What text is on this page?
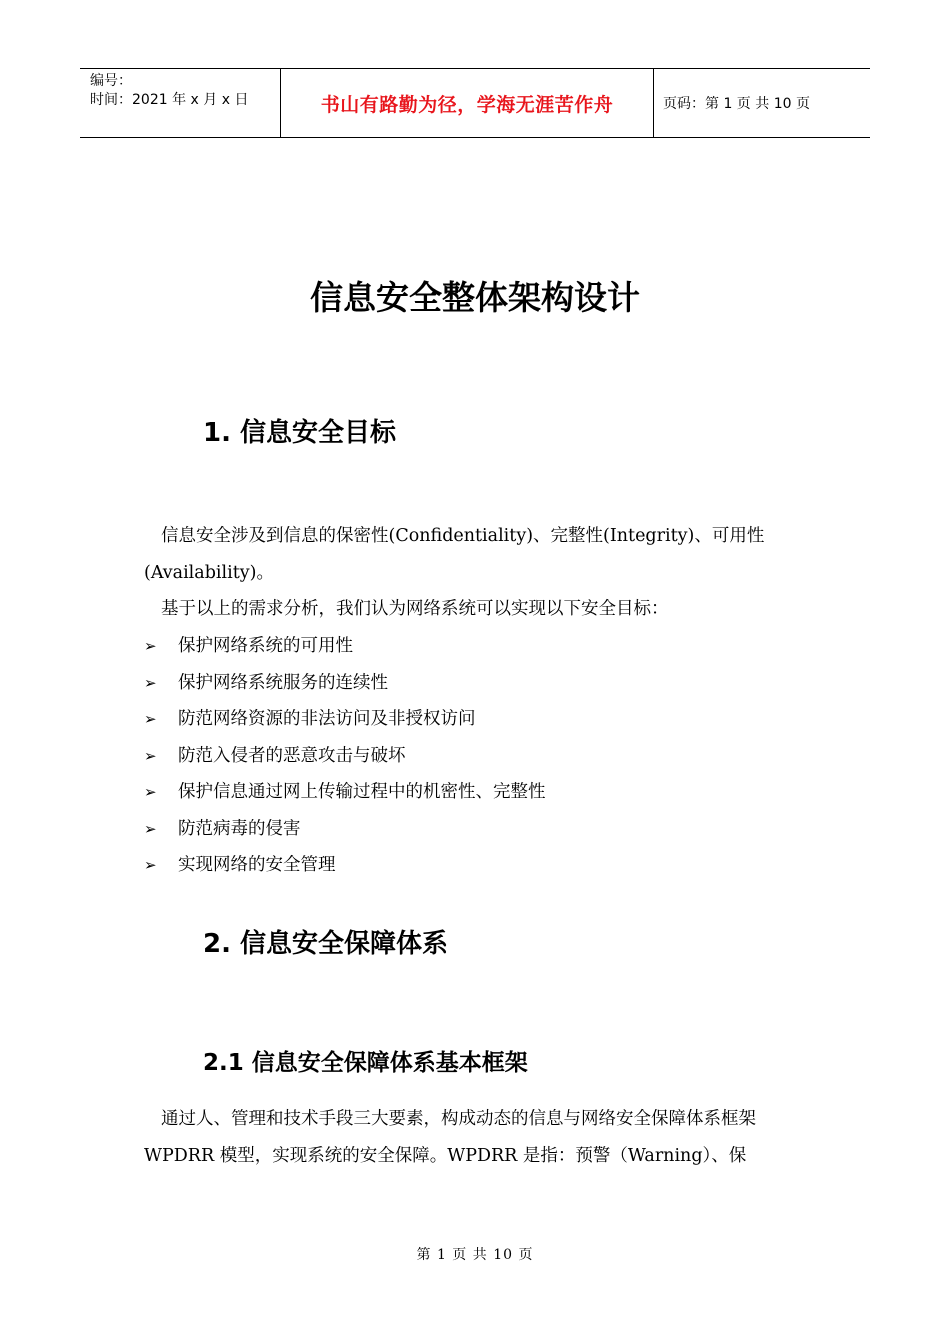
编号：
时间：2021 年 x 月 x 日	书山有路勤为径，学海无涯苦作舟	页码：第 1 页 共 10 页
信息安全整体架构设计
1. 信息安全目标

信息安全涉及到信息的保密性(Confidentiality)、完整性(Integrity)、可用性(Availability)。

基于以上的需求分析，我们认为网络系统可以实现以下安全目标：

➢	保护网络系统的可用性
➢	保护网络系统服务的连续性
➢	防范网络资源的非法访问及非授权访问
➢	防范入侵者的恶意攻击与破坏
➢	保护信息通过网上传输过程中的机密性、完整性
➢	防范病毒的侵害
➢	实现网络的安全管理
2. 信息安全保障体系
2.1 信息安全保障体系基本框架

通过人、管理和技术手段三大要素，构成动态的信息与网络安全保障体系框架 WPDRR 模型，实现系统的安全保障。WPDRR 是指：预警（Warning）、保

第 1 页 共 10 页
